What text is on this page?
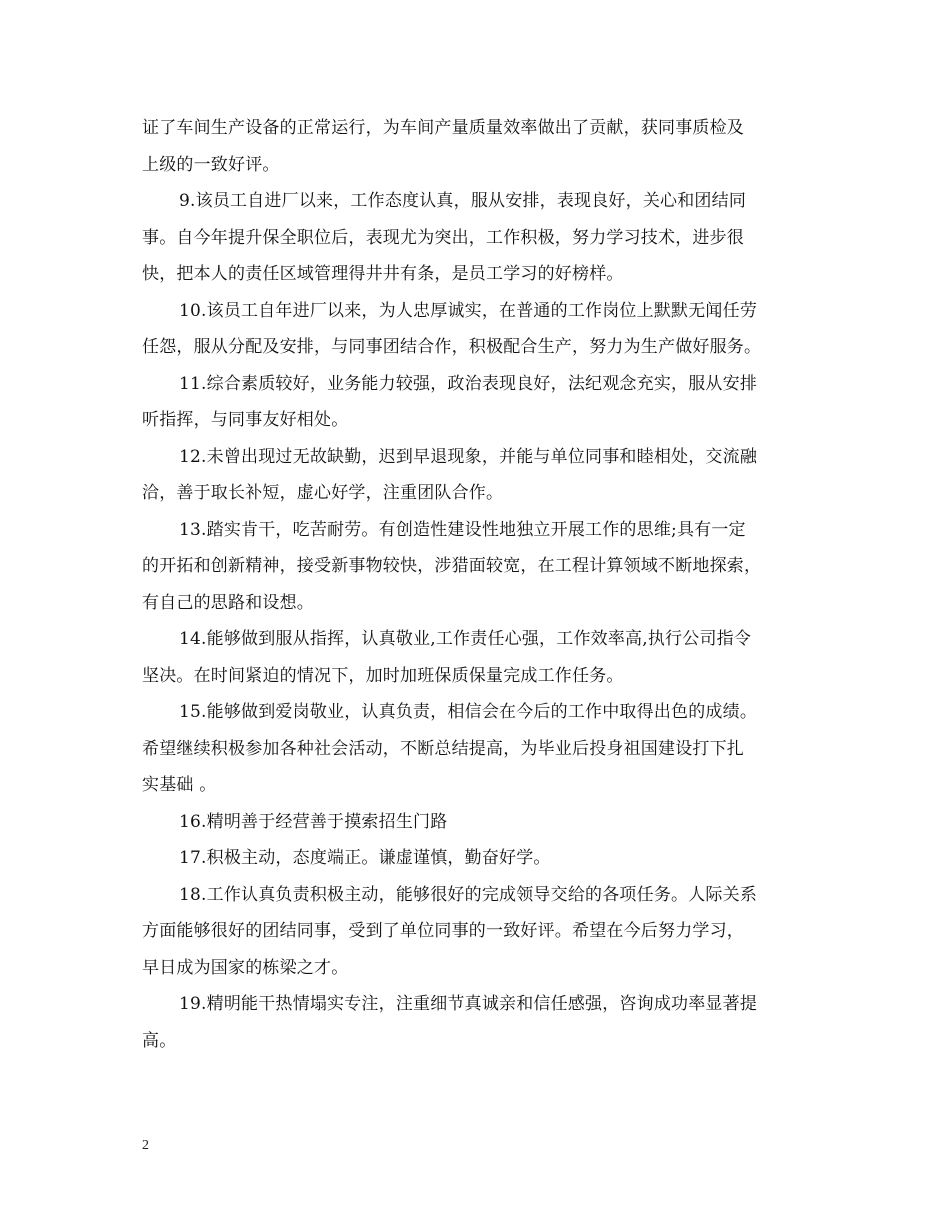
证了车间生产设备的正常运行，为车间产量质量效率做出了贡献，获同事质检及
上级的一致好评。
9.该员工自进厂以来，工作态度认真，服从安排，表现良好，关心和团结同
事。自今年提升保全职位后，表现尤为突出，工作积极，努力学习技术，进步很
快，把本人的责任区域管理得井井有条，是员工学习的好榜样。
10.该员工自年进厂以来，为人忠厚诚实，在普通的工作岗位上默默无闻任劳
任怨，服从分配及安排，与同事团结合作，积极配合生产，努力为生产做好服务。
11.综合素质较好，业务能力较强，政治表现良好，法纪观念充实，服从安排
听指挥，与同事友好相处。
12.未曾出现过无故缺勤，迟到早退现象，并能与单位同事和睦相处，交流融
洽，善于取长补短，虚心好学，注重团队合作。
13.踏实肯干，吃苦耐劳。有创造性建设性地独立开展工作的思维;具有一定
的开拓和创新精神，接受新事物较快，涉猎面较宽，在工程计算领域不断地探索，
有自己的思路和设想。
14.能够做到服从指挥，认真敬业,工作责任心强，工作效率高,执行公司指令
坚决。在时间紧迫的情况下，加时加班保质保量完成工作任务。
15.能够做到爱岗敬业，认真负责，相信会在今后的工作中取得出色的成绩。
希望继续积极参加各种社会活动，不断总结提高，为毕业后投身祖国建设打下扎
实基础 。
16.精明善于经营善于摸索招生门路
17.积极主动，态度端正。谦虚谨慎，勤奋好学。
18.工作认真负责积极主动，能够很好的完成领导交给的各项任务。人际关系
方面能够很好的团结同事，受到了单位同事的一致好评。希望在今后努力学习，
早日成为国家的栋梁之才。
19.精明能干热情塌实专注，注重细节真诚亲和信任感强，咨询成功率显著提
高。
2
